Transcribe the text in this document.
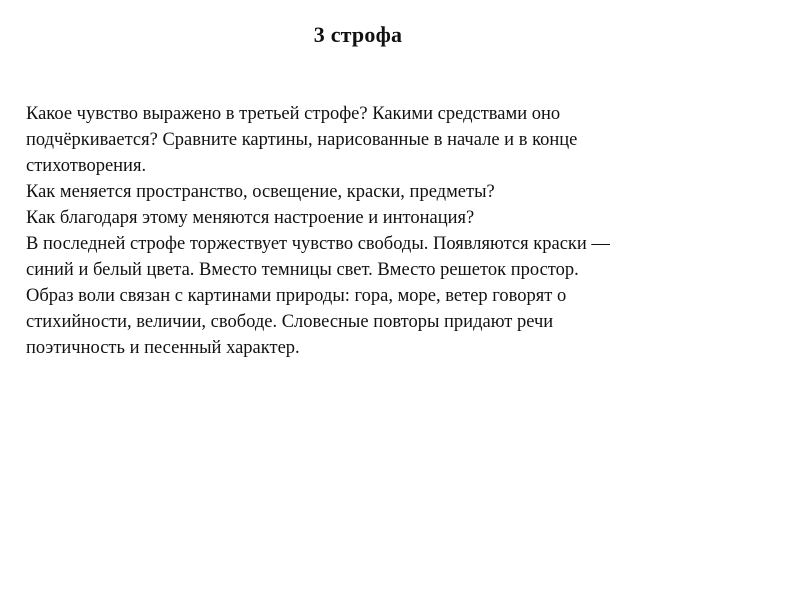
3 строфа
Какое чувство выражено в третьей строфе? Какими средствами оно
подчёркивается? Сравните картины, нарисованные в начале и в конце
стихотворения.
Как меняется пространство, освещение, краски, предметы?
Как благодаря этому меняются настроение и интонация?
В последней строфе торжествует чувство свободы. Появляются краски —
синий и белый цвета. Вместо темницы свет. Вместо решеток простор.
Образ воли связан с картинами природы: гора, море, ветер говорят о
стихийности, величии, свободе. Словесные повторы придают речи
поэтичность и песенный характер.
